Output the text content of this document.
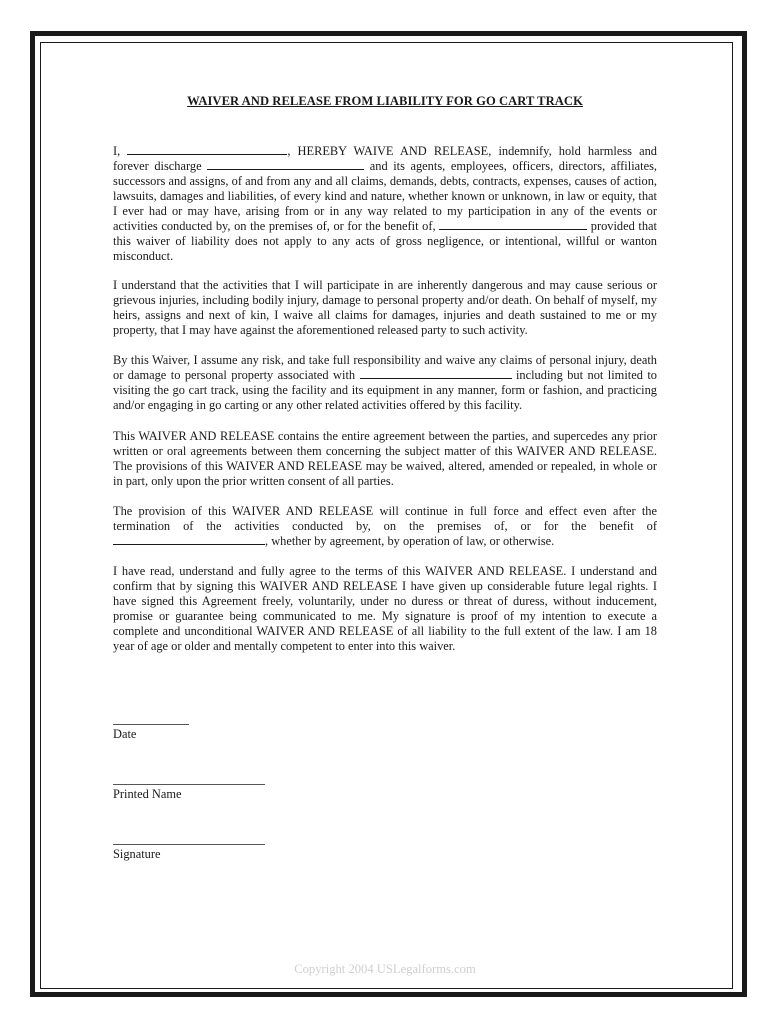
WAIVER AND RELEASE FROM LIABILITY FOR GO CART TRACK

I,	, HEREBY WAIVE AND RELEASE, indemnify, hold harmless and forever discharge	and its agents, employees, officers, directors, affiliates, successors and assigns, of and from any and all claims, demands, debts, contracts, expenses, causes of action, lawsuits, damages and liabilities, of every kind and nature, whether known or unknown, in law or equity, that I ever had or may have, arising from or in any way related to my participation in any of the events or activities conducted by, on the premises of, or for the benefit of,	provided that this waiver of liability does not apply to any acts of gross negligence, or intentional, willful or wanton misconduct.

I understand that the activities that I will participate in are inherently dangerous and may cause serious or grievous injuries, including bodily injury, damage to personal property and/or death. On behalf of myself, my heirs, assigns and next of kin, I waive all claims for damages, injuries and death sustained to me or my property, that I may have against the aforementioned released party to such activity.

By this Waiver, I assume any risk, and take full responsibility and waive any claims of personal injury, death or damage to personal property associated with	including but not limited to visiting the go cart track, using the facility and its equipment in any manner, form or fashion, and practicing and/or engaging in go carting or any other related activities offered by this facility.

This WAIVER AND RELEASE contains the entire agreement between the parties, and supercedes any prior written or oral agreements between them concerning the subject matter of this WAIVER AND RELEASE. The provisions of this WAIVER AND RELEASE may be waived, altered, amended or repealed, in whole or in part, only upon the prior written consent of all parties.

The provision of this WAIVER AND RELEASE will continue in full force and effect even after the termination of the activities conducted by, on the premises of, or for the benefit of , whether by agreement, by operation of law, or otherwise.

I have read, understand and fully agree to the terms of this WAIVER AND RELEASE. I understand and confirm that by signing this WAIVER AND RELEASE I have given up considerable future legal rights. I have signed this Agreement freely, voluntarily, under no duress or threat of duress, without inducement, promise or guarantee being communicated to me. My signature is proof of my intention to execute a complete and unconditional WAIVER AND RELEASE of all liability to the full extent of the law. I am 18 year of age or older and mentally competent to enter into this waiver.

Date
Printed Name
Signature
Copyright 2004 USLegalforms.com
